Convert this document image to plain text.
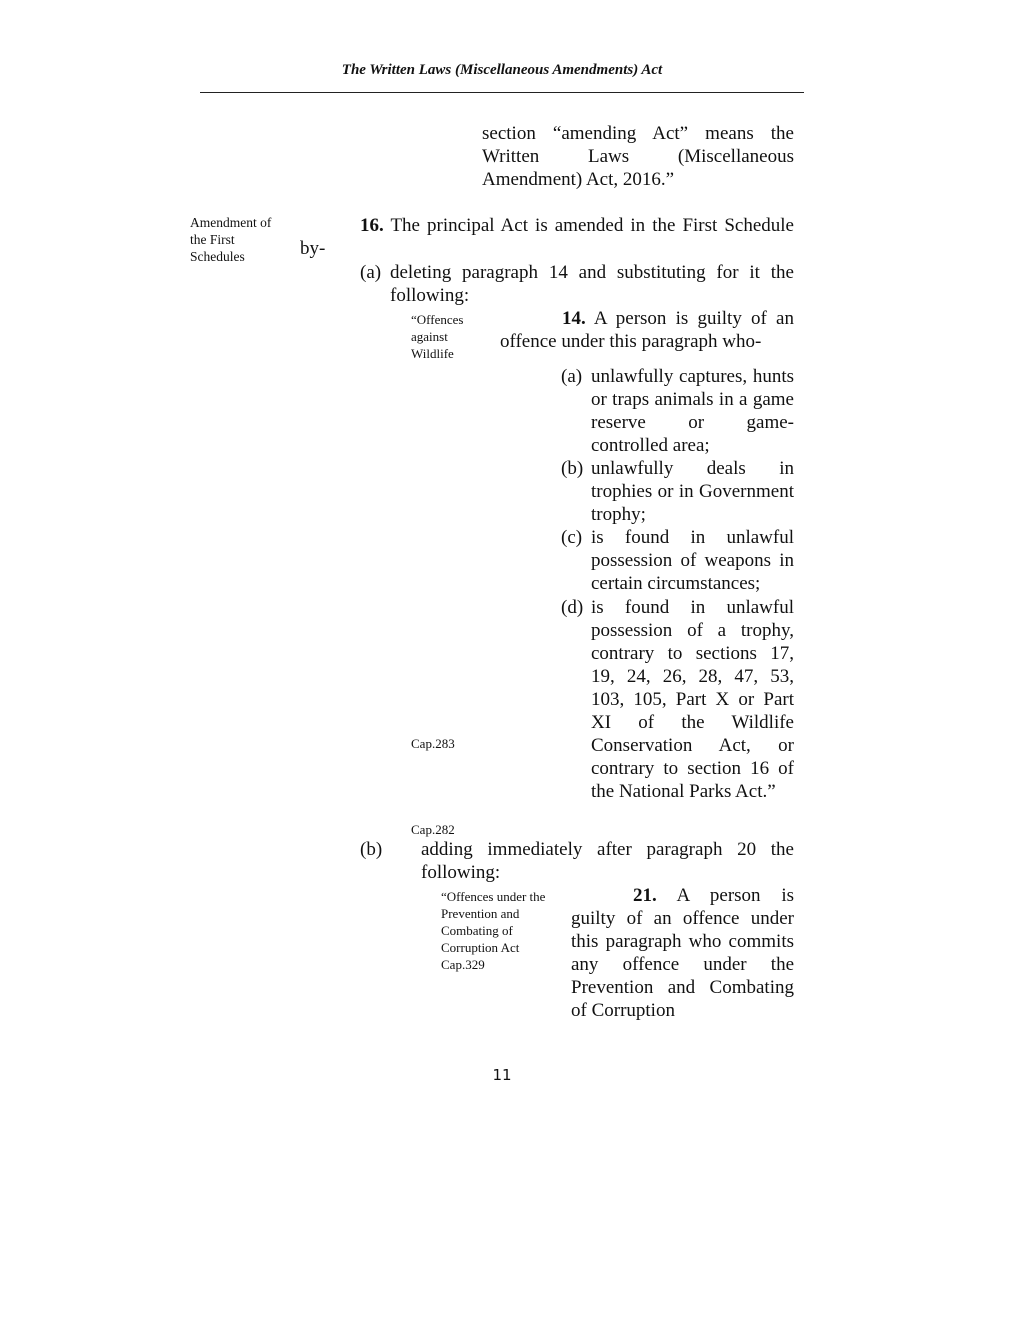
The Written Laws (Miscellaneous Amendments) Act
section “amending Act” means the Written Laws (Miscellaneous Amendment) Act, 2016.”
Amendment of the First Schedules
16. The principal Act is amended in the First Schedule by-
(a) deleting paragraph 14 and substituting for it the following:
“Offences against Wildlife
14. A person is guilty of an offence under this paragraph who-
(a) unlawfully captures, hunts or traps animals in a game reserve or game-controlled area;
(b) unlawfully deals in trophies or in Government trophy;
(c) is found in unlawful possession of weapons in certain circumstances;
(d) is found in unlawful possession of a trophy, contrary to sections 17, 19, 24, 26, 28, 47, 53, 103, 105, Part X or Part XI of the Wildlife Conservation Act, or contrary to section 16 of the National Parks Act.”
Cap.283
Cap.282
(b) adding immediately after paragraph 20 the following:
“Offences under the Prevention and Combating of Corruption Act Cap.329
21. A person is guilty of an offence under this paragraph who commits any offence under the Prevention and Combating of Corruption
11
